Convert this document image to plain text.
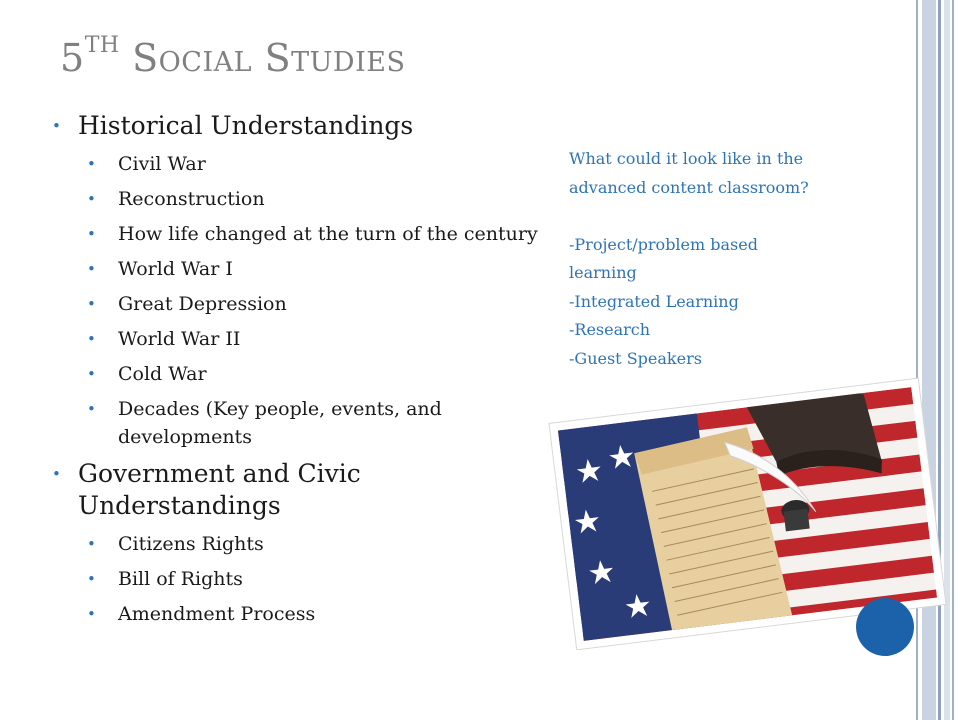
5TH Social Studies
• Historical Understandings
• Civil War
• Reconstruction
• How life changed at the turn of the century
• World War I
• Great Depression
• World War II
• Cold War
• Decades (Key people, events, and developments
• Government and Civic Understandings
• Citizens Rights
• Bill of Rights
• Amendment Process
What could it look like in the
advanced content classroom?
-Project/problem based
learning
-Integrated Learning
-Research
-Guest Speakers
